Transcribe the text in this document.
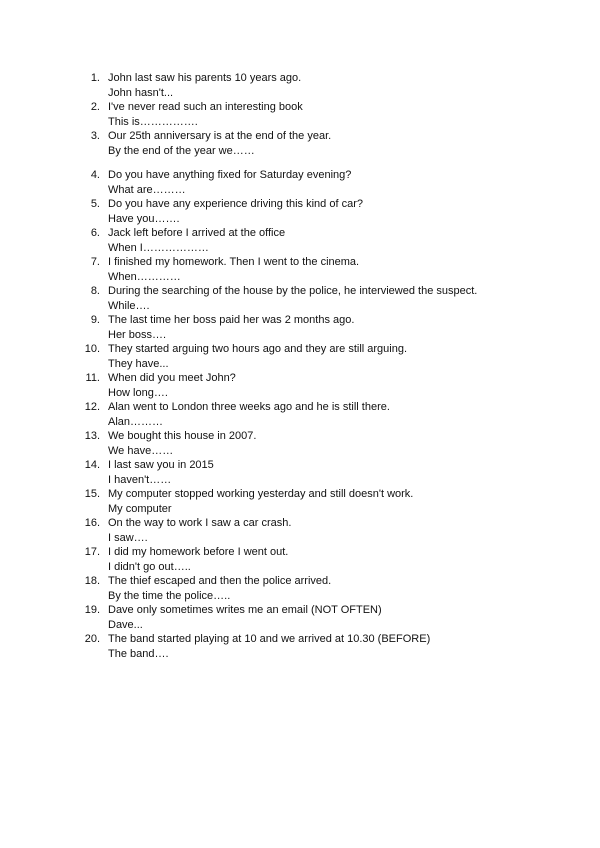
1. John last saw his parents 10 years ago.
John hasn't...
2. I've never read such an interesting book
This is…………….
3. Our 25th anniversary is at the end of the year.
By the end of the year we……
4. Do you have anything fixed for Saturday evening?
What are………
5. Do you have any experience driving this kind of car?
Have you…….
6. Jack left before I arrived at the office
When I………………
7. I finished my homework. Then I went to the cinema.
When…………
8. During the searching of the house by the police, he interviewed the suspect.
While….
9. The last time her boss paid her was 2 months ago.
Her boss….
10. They started arguing two hours ago and they are still arguing.
They have...
11. When did you meet John?
How long….
12. Alan went to London three weeks ago and he is still there.
Alan………
13. We bought this house in 2007.
We have……
14. I last saw you in 2015
I haven't……
15. My computer stopped working yesterday and still doesn't work.
My computer
16. On the way to work I saw a car crash.
I saw….
17. I did my homework before I went out.
I didn't go out…..
18. The thief escaped and then the police arrived.
By the time the police…..
19. Dave only sometimes writes me an email (NOT OFTEN)
Dave...
20. The band started playing at 10 and we arrived at 10.30 (BEFORE)
The band….
